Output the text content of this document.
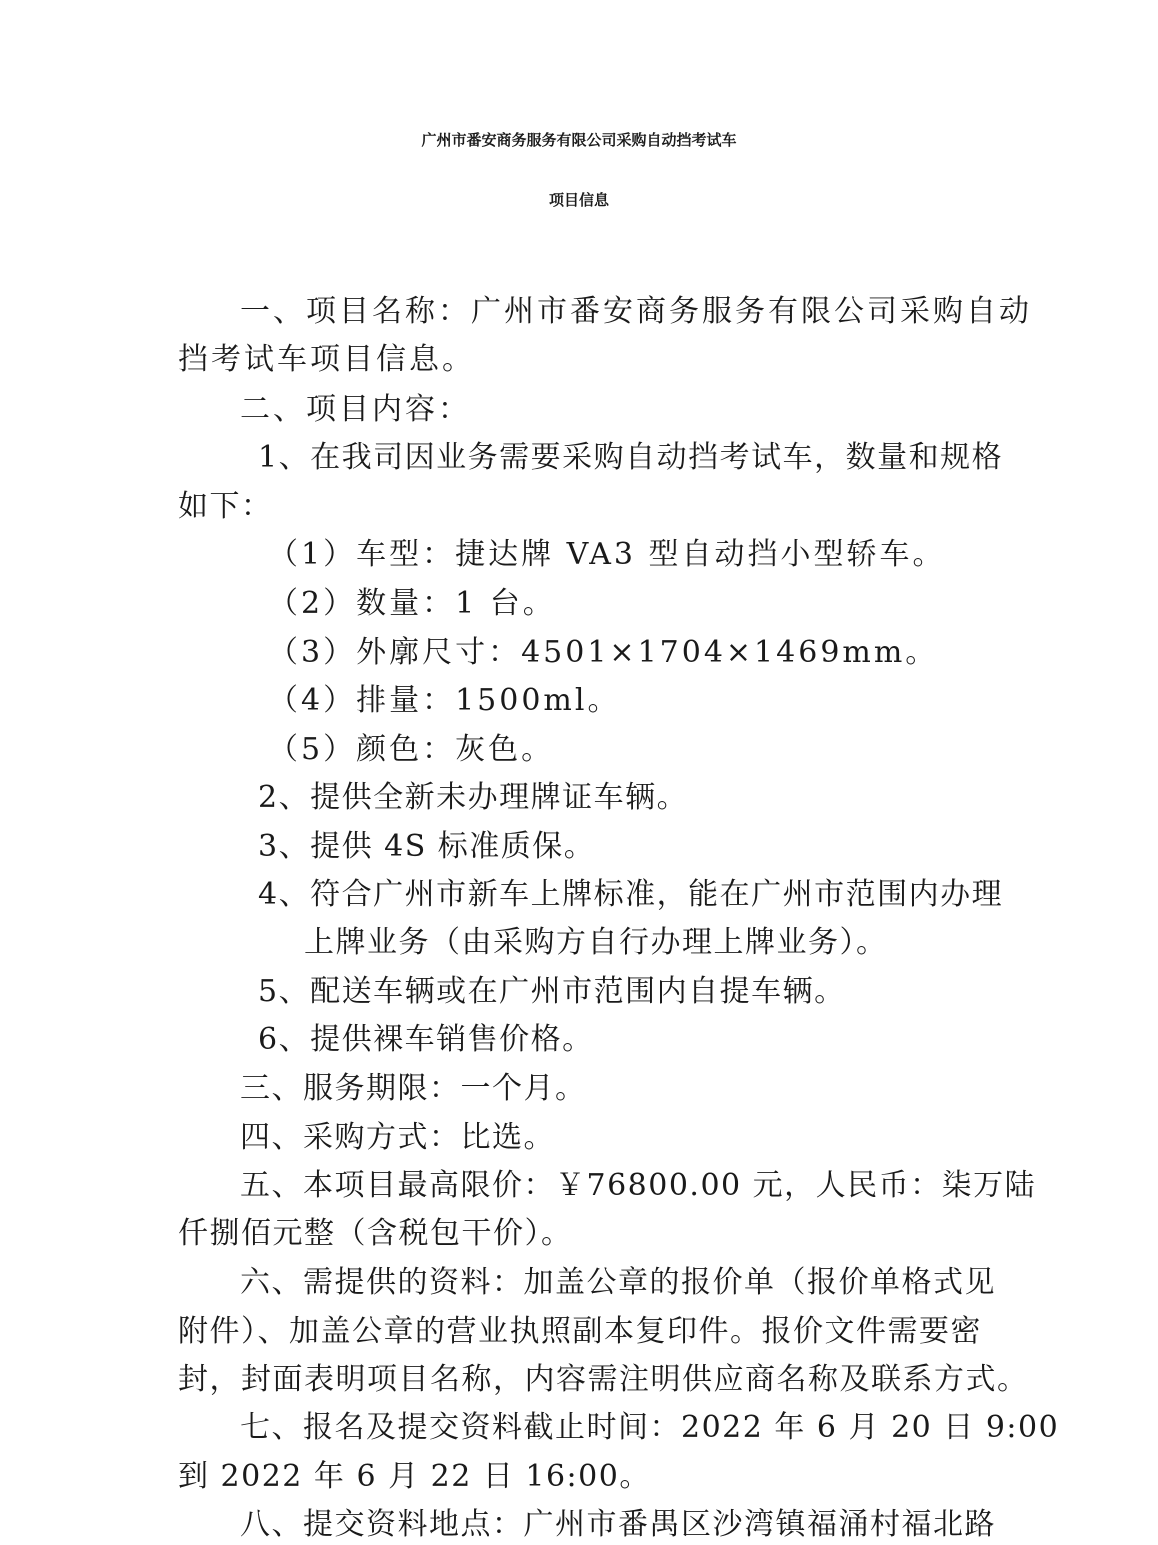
广州市番安商务服务有限公司采购自动挡考试车
项目信息
一、项目名称：广州市番安商务服务有限公司采购自动
挡考试车项目信息。
二、项目内容：
1、在我司因业务需要采购自动挡考试车，数量和规格
如下：
（1）车型：捷达牌 VA3 型自动挡小型轿车。
（2）数量：1 台。
（3）外廓尺寸：4501×1704×1469mm。
（4）排量：1500ml。
（5）颜色：灰色。
2、提供全新未办理牌证车辆。
3、提供 4S 标准质保。
4、符合广州市新车上牌标准，能在广州市范围内办理
上牌业务（由采购方自行办理上牌业务）。
5、配送车辆或在广州市范围内自提车辆。
6、提供裸车销售价格。
三、服务期限：一个月。
四、采购方式：比选。
五、本项目最高限价：￥76800.00 元，人民币：柒万陆
仟捌佰元整（含税包干价）。
六、需提供的资料：加盖公章的报价单（报价单格式见
附件）、加盖公章的营业执照副本复印件。报价文件需要密
封，封面表明项目名称，内容需注明供应商名称及联系方式。
七、报名及提交资料截止时间：2022 年 6 月 20 日 9:00
到 2022 年 6 月 22 日 16:00。
八、提交资料地点：广州市番禺区沙湾镇福涌村福北路
